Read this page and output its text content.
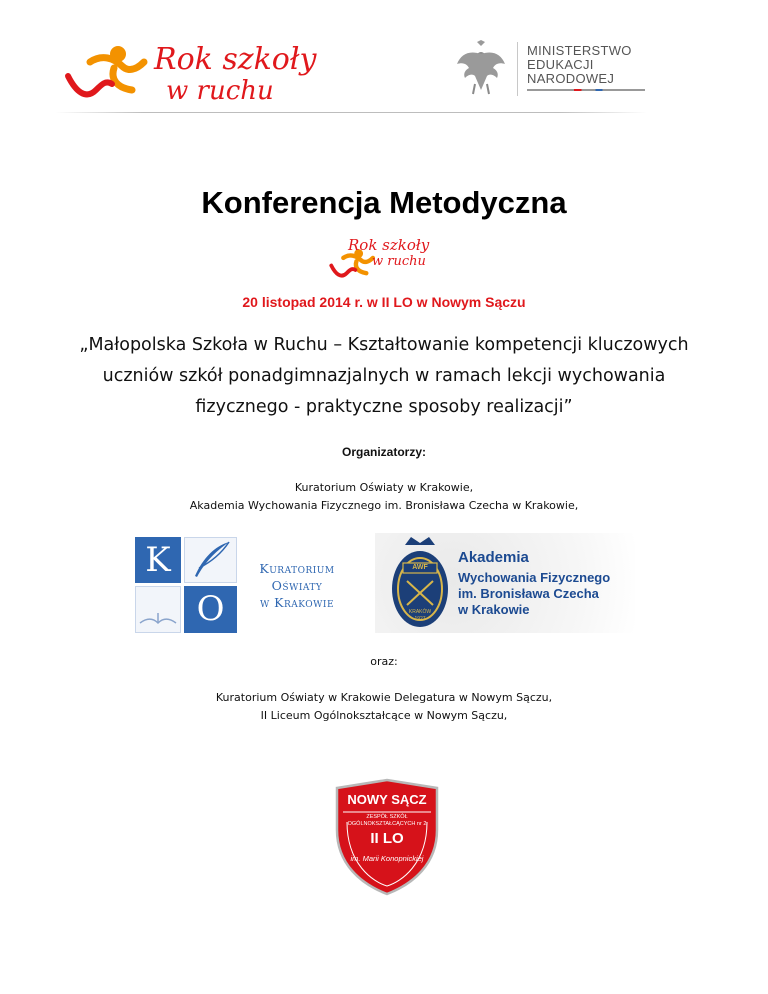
Rok szkoły
w ruchu
MINISTERSTWO
EDUKACJI
NARODOWEJ
Konferencja Metodyczna
Rok szkoły
w ruchu
20 listopad 2014 r. w II LO w Nowym Sączu
„Małopolska Szkoła w Ruchu – Kształtowanie kompetencji kluczowych
uczniów szkół ponadgimnazjalnych w ramach lekcji wychowania
fizycznego - praktyczne sposoby realizacji”
Organizatorzy:
Kuratorium Oświaty w Krakowie,
Akademia Wychowania Fizycznego im. Bronisława Czecha w Krakowie,
K
O
Kuratorium
Oświaty
w Krakowie
AWF
KRAKÓW
1927
Akademia
Wychowania Fizycznego
im. Bronisława Czecha
w Krakowie
oraz:
Kuratorium Oświaty w Krakowie Delegatura w Nowym Sączu,
II Liceum Ogólnokształcące w Nowym Sączu,
NOWY SĄCZ
ZESPÓŁ SZKÓŁ
OGÓLNOKSZTAŁCĄCYCH nr 2
II LO
im. Marii Konopnickiej
